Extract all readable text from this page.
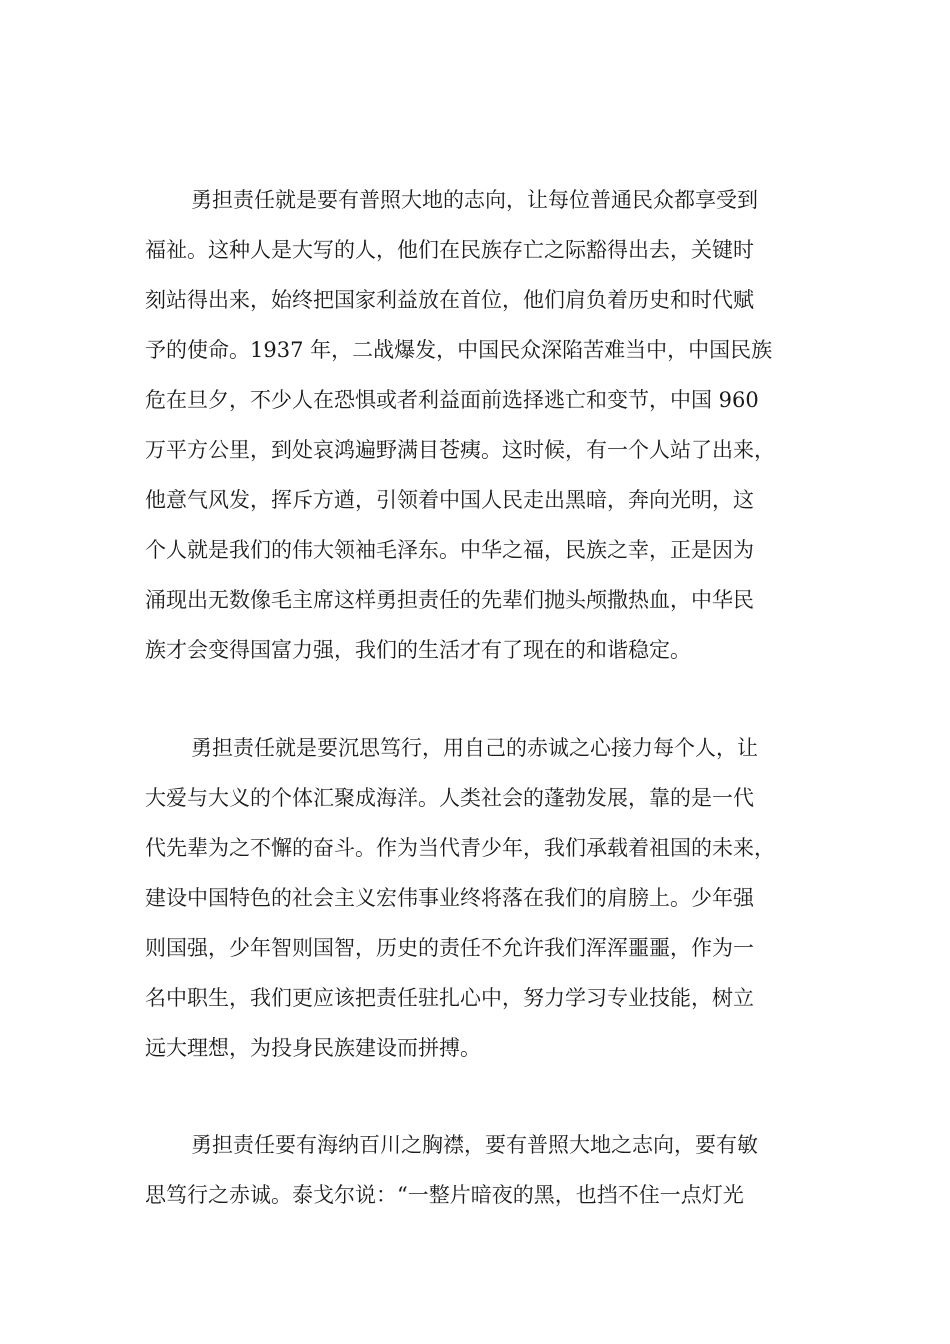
勇担责任就是要有普照大地的志向，让每位普通民众都享受到
福祉。这种人是大写的人，他们在民族存亡之际豁得出去，关键时
刻站得出来，始终把国家利益放在首位，他们肩负着历史和时代赋
予的使命。1937 年，二战爆发，中国民众深陷苦难当中，中国民族
危在旦夕，不少人在恐惧或者利益面前选择逃亡和变节，中国 960
万平方公里，到处哀鸿遍野满目苍痍。这时候，有一个人站了出来，
他意气风发，挥斥方遒，引领着中国人民走出黑暗，奔向光明，这
个人就是我们的伟大领袖毛泽东。中华之福，民族之幸，正是因为
涌现出无数像毛主席这样勇担责任的先辈们抛头颅撒热血，中华民
族才会变得国富力强，我们的生活才有了现在的和谐稳定。
勇担责任就是要沉思笃行，用自己的赤诚之心接力每个人，让
大爱与大义的个体汇聚成海洋。人类社会的蓬勃发展，靠的是一代
代先辈为之不懈的奋斗。作为当代青少年，我们承载着祖国的未来，
建设中国特色的社会主义宏伟事业终将落在我们的肩膀上。少年强
则国强，少年智则国智，历史的责任不允许我们浑浑噩噩，作为一
名中职生，我们更应该把责任驻扎心中，努力学习专业技能，树立
远大理想，为投身民族建设而拼搏。
勇担责任要有海纳百川之胸襟，要有普照大地之志向，要有敏
思笃行之赤诚。泰戈尔说：“一整片暗夜的黑，也挡不住一点灯光
